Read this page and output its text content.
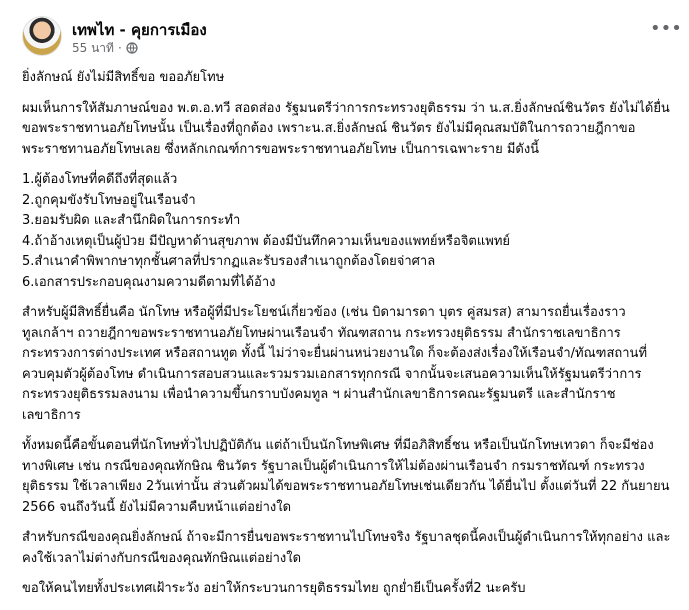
เทพไท - คุยการเมือง
55 นาที ·
•••

ยิ่งลักษณ์ ยังไม่มีสิทธิ์ขอ ขออภัยโทษ

ผมเห็นการให้สัมภาษณ์ของ พ.ต.อ.ทวี สอดส่อง รัฐมนตรีว่าการกระทรวงยุติธรรม ว่า น.ส.ยิ่งลักษณ์ชินวัตร ยังไม่ได้ยื่นขอพระราชทานอภัยโทษนั้น เป็นเรื่องที่ถูกต้อง เพราะน.ส.ยิ่งลักษณ์ ชินวัตร ยังไม่มีคุณสมบัติในการถวายฎีกาขอพระราชทานอภัยโทษเลย ซึ่งหลักเกณฑ์การขอพระราชทานอภัยโทษ เป็นการเฉพาะราย มีดังนี้

1.ผู้ต้องโทษที่คดีถึงที่สุดแล้ว
2.ถูกคุมขังรับโทษอยู่ในเรือนจำ
3.ยอมรับผิด และสำนึกผิดในการกระทำ
4.ถ้าอ้างเหตุเป็นผู้ป่วย มีปัญหาด้านสุขภาพ ต้องมีบันทึกความเห็นของแพทย์หรือจิตแพทย์
5.สำเนาคำพิพากษาทุกชั้นศาลที่ปรากฏและรับรองสำเนาถูกต้องโดยจ่าศาล
6.เอกสารประกอบคุณงามความดีตามที่ได้อ้าง

สำหรับผู้มีสิทธิ์ยื่นคือ นักโทษ หรือผู้ที่มีประโยชน์เกี่ยวข้อง (เช่น บิดามารดา บุตร คู่สมรส) สามารถยื่นเรื่องราวทูลเกล้าฯ ถวายฎีกาขอพระราชทานอภัยโทษผ่านเรือนจำ ทัณฑสถาน กระทรวงยุติธรรม สำนักราชเลขาธิการ กระทรวงการต่างประเทศ หรือสถานทูต ทั้งนี้ ไม่ว่าจะยื่นผ่านหน่วยงานใด ก็จะต้องส่งเรื่องให้เรือนจำ/ทัณฑสถานที่ควบคุมตัวผู้ต้องโทษ ดำเนินการสอบสวนและรวมรวมเอกสารทุกกรณี จากนั้นจะเสนอความเห็นให้รัฐมนตรีว่าการกระทรวงยุติธรรมลงนาม เพื่อนำความขึ้นกราบบังคมทูล ฯ ผ่านสำนักเลขาธิการคณะรัฐมนตรี และสำนักราชเลขาธิการ

ทั้งหมดนี้คือขั้นตอนที่นักโทษทั่วไปปฏิบัติกัน แต่ถ้าเป็นนักโทษพิเศษ ที่มีอภิสิทธิ์ชน หรือเป็นนักโทษเทวดา ก็จะมีช่องทางพิเศษ เช่น กรณีของคุณทักษิณ ชินวัตร รัฐบาลเป็นผู้ดำเนินการให้ไม่ต้องผ่านเรือนจำ กรมราชทัณฑ์ กระทรวงยุติธรรม ใช้เวลาเพียง 2วันเท่านั้น ส่วนตัวผมได้ขอพระราชทานอภัยโทษเช่นเดียวกัน ได้ยื่นไป ตั้งแต่วันที่ 22 กันยายน 2566 จนถึงวันนี้ ยังไม่มีความคืบหน้าแต่อย่างใด

สำหรับกรณีของคุณยิ่งลักษณ์ ถ้าจะมีการยื่นขอพระราชทานไปโทษจริง รัฐบาลชุดนี้คงเป็นผู้ดำเนินการให้ทุกอย่าง และคงใช้เวลาไม่ต่างกับกรณีของคุณทักษิณแต่อย่างใด

ขอให้คนไทยทั้งประเทศเฝ้าระวัง อย่าให้กระบวนการยุติธรรมไทย ถูกย่ำยีเป็นครั้งที่2 นะครับ
